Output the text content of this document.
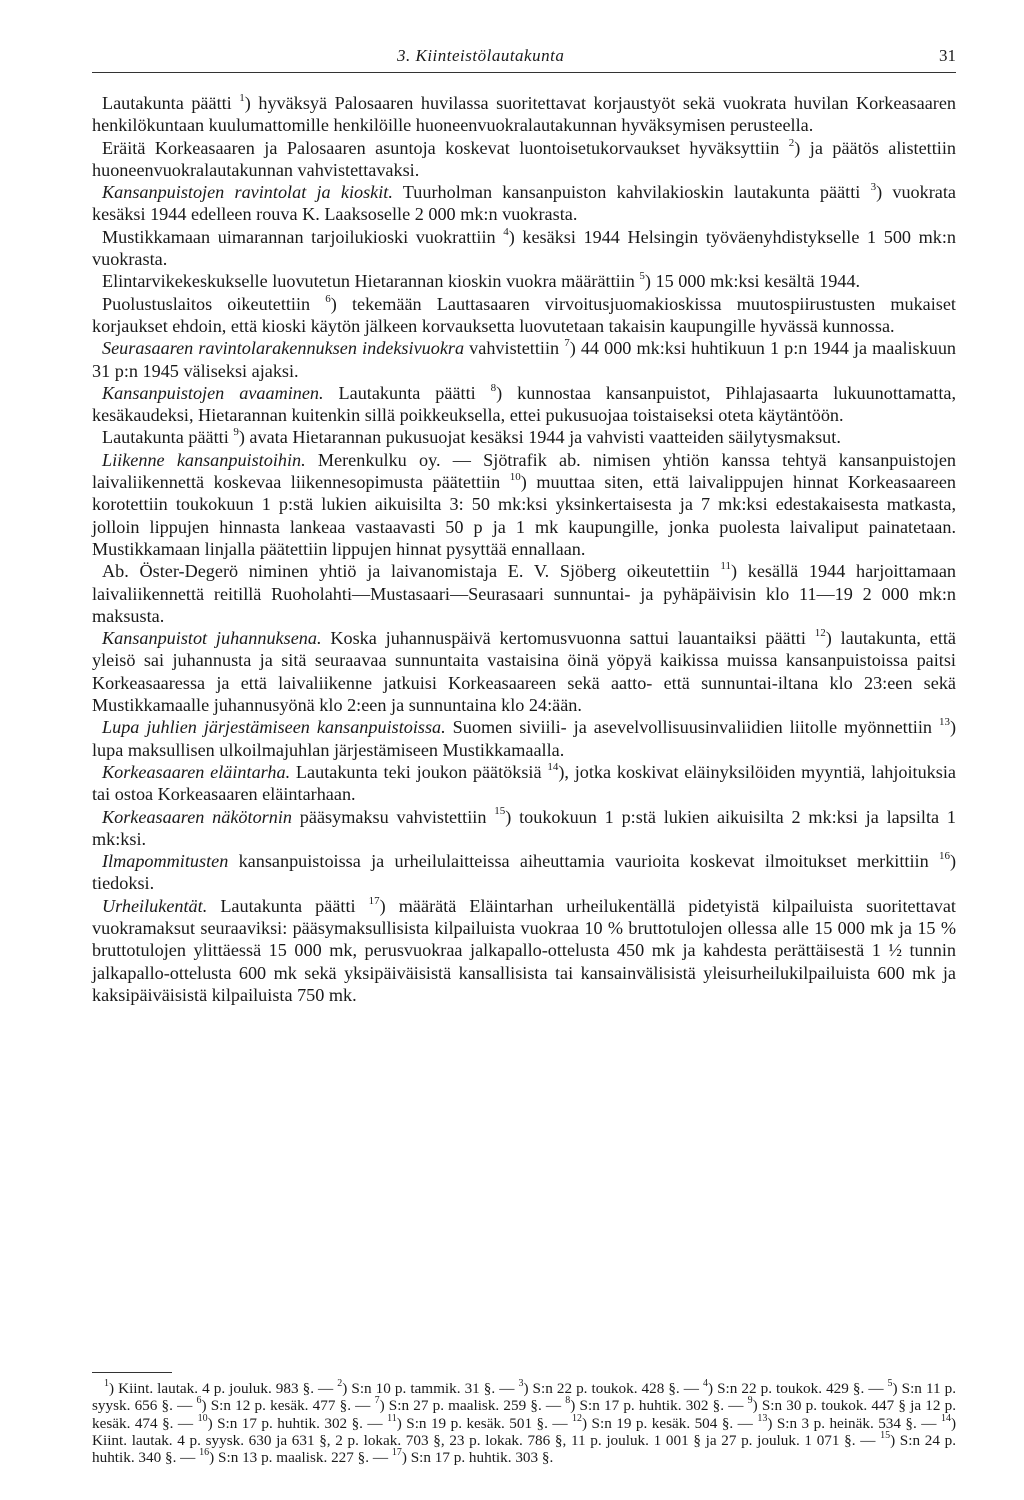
3. Kiinteistölautakunta	31

Lautakunta päätti $^1$) hyväksyä Palosaaren huvilassa suoritettavat korjaustyöt sekä vuokrata huvilan Korkeasaaren henkilökuntaan kuulumattomille henkilöille huoneenvuokralautakunnan hyväksymisen perusteella.

Eräitä Korkeasaaren ja Palosaaren asuntoja koskevat luontoisetukorvaukset hyväksyttiin $^2$) ja päätös alistettiin huoneenvuokralautakunnan vahvistettavaksi.

Kansanpuistojen ravintolat ja kioskit. Tuurholman kansanpuiston kahvilakioskin lautakunta päätti $^3$) vuokrata kesäksi 1944 edelleen rouva K. Laaksoselle 2 000 mk:n vuokrasta.

Mustikkamaan uimarannan tarjoilukioski vuokrattiin $^4$) kesäksi 1944 Helsingin työväenyhdistykselle 1 500 mk:n vuokrasta.

Elintarvikekeskukselle luovutetun Hietarannan kioskin vuokra määrättiin $^5$) 15 000 mk:ksi kesältä 1944.

Puolustuslaitos oikeutettiin $^6$) tekemään Lauttasaaren virvoitusjuomakioskissa muutospiirustusten mukaiset korjaukset ehdoin, että kioski käytön jälkeen korvauksetta luovutetaan takaisin kaupungille hyvässä kunnossa.

Seurasaaren ravintolarakennuksen indeksivuokra vahvistettiin $^7$) 44 000 mk:ksi huhtikuun 1 p:n 1944 ja maaliskuun 31 p:n 1945 väliseksi ajaksi.

Kansanpuistojen avaaminen. Lautakunta päätti $^8$) kunnostaa kansanpuistot, Pihlajasaarta lukuunottamatta, kesäkaudeksi, Hietarannan kuitenkin sillä poikkeuksella, ettei pukusuojaa toistaiseksi oteta käytäntöön.

Lautakunta päätti $^9$) avata Hietarannan pukusuojat kesäksi 1944 ja vahvisti vaatteiden säilytysmaksut.

Liikenne kansanpuistoihin. Merenkulku oy. — Sjötrafik ab. nimisen yhtiön kanssa tehtyä kansanpuistojen laivaliikennettä koskevaa liikennesopimusta päätettiin $^{10}$) muuttaa siten, että laivalippujen hinnat Korkeasaareen korotettiin toukokuun 1 p:stä lukien aikuisilta 3: 50 mk:ksi yksinkertaisesta ja 7 mk:ksi edestakaisesta matkasta, jolloin lippujen hinnasta lankeaa vastaavasti 50 p ja 1 mk kaupungille, jonka puolesta laivaliput painatetaan. Mustikkamaan linjalla päätettiin lippujen hinnat pysyttää ennallaan.

Ab. Öster-Degerö niminen yhtiö ja laivanomistaja E. V. Sjöberg oikeutettiin $^{11}$) kesällä 1944 harjoittamaan laivaliikennettä reitillä Ruoholahti—Mustasaari—Seurasaari sunnuntai- ja pyhäpäivisin klo 11—19 2 000 mk:n maksusta.

Kansanpuistot juhannuksena. Koska juhannuspäivä kertomusvuonna sattui lauantaiksi päätti $^{12}$) lautakunta, että yleisö sai juhannusta ja sitä seuraavaa sunnuntaita vastaisina öinä yöpyä kaikissa muissa kansanpuistoissa paitsi Korkeasaaressa ja että laivaliikenne jatkuisi Korkeasaareen sekä aatto- että sunnuntai-iltana klo 23:een sekä Mustikkamaalle juhannusyönä klo 2:een ja sunnuntaina klo 24:ään.

Lupa juhlien järjestämiseen kansanpuistoissa. Suomen siviili- ja asevelvollisuusinvaliidien liitolle myönnettiin $^{13}$) lupa maksullisen ulkoilmajuhlan järjestämiseen Mustikkamaalla.

Korkeasaaren eläintarha. Lautakunta teki joukon päätöksiä $^{14}$), jotka koskivat eläinyksilöiden myyntiä, lahjoituksia tai ostoa Korkeasaaren eläintarhaan.

Korkeasaaren näkötornin pääsymaksu vahvistettiin $^{15}$) toukokuun 1 p:stä lukien aikuisilta 2 mk:ksi ja lapsilta 1 mk:ksi.

Ilmapommitusten kansanpuistoissa ja urheilulaitteissa aiheuttamia vaurioita koskevat ilmoitukset merkittiin $^{16}$) tiedoksi.

Urheilukentät. Lautakunta päätti $^{17}$) määrätä Eläintarhan urheilukentällä pidetyistä kilpailuista suoritettavat vuokramaksut seuraaviksi: pääsymaksullisista kilpailuista vuokraa 10 % bruttotulojen ollessa alle 15 000 mk ja 15 % bruttotulojen ylittäessä 15 000 mk, perusvuokraa jalkapallo-ottelusta 450 mk ja kahdesta perättäisestä 1 ½ tunnin jalkapallo-ottelusta 600 mk sekä yksipäiväisistä kansallisista tai kansainvälisistä yleisurheilukilpailuista 600 mk ja kaksipäiväisistä kilpailuista 750 mk.

$^1$) Kiint. lautak. 4 p. jouluk. 983 §. — $^2$) S:n 10 p. tammik. 31 §. — $^3$) S:n 22 p. toukok. 428 §. — $^4$) S:n 22 p. toukok. 429 §. — $^5$) S:n 11 p. syysk. 656 §. — $^6$) S:n 12 p. kesäk. 477 §. — $^7$) S:n 27 p. maalisk. 259 §. — $^8$) S:n 17 p. huhtik. 302 §. — $^9$) S:n 30 p. toukok. 447 § ja 12 p. kesäk. 474 §. — $^{10}$) S:n 17 p. huhtik. 302 §. — $^{11}$) S:n 19 p. kesäk. 501 §. — $^{12}$) S:n 19 p. kesäk. 504 §. — $^{13}$) S:n 3 p. heinäk. 534 §. — $^{14}$) Kiint. lautak. 4 p. syysk. 630 ja 631 §, 2 p. lokak. 703 §, 23 p. lokak. 786 §, 11 p. jouluk. 1 001 § ja 27 p. jouluk. 1 071 §. — $^{15}$) S:n 24 p. huhtik. 340 §. — $^{16}$) S:n 13 p. maalisk. 227 §. — $^{17}$) S:n 17 p. huhtik. 303 §.
